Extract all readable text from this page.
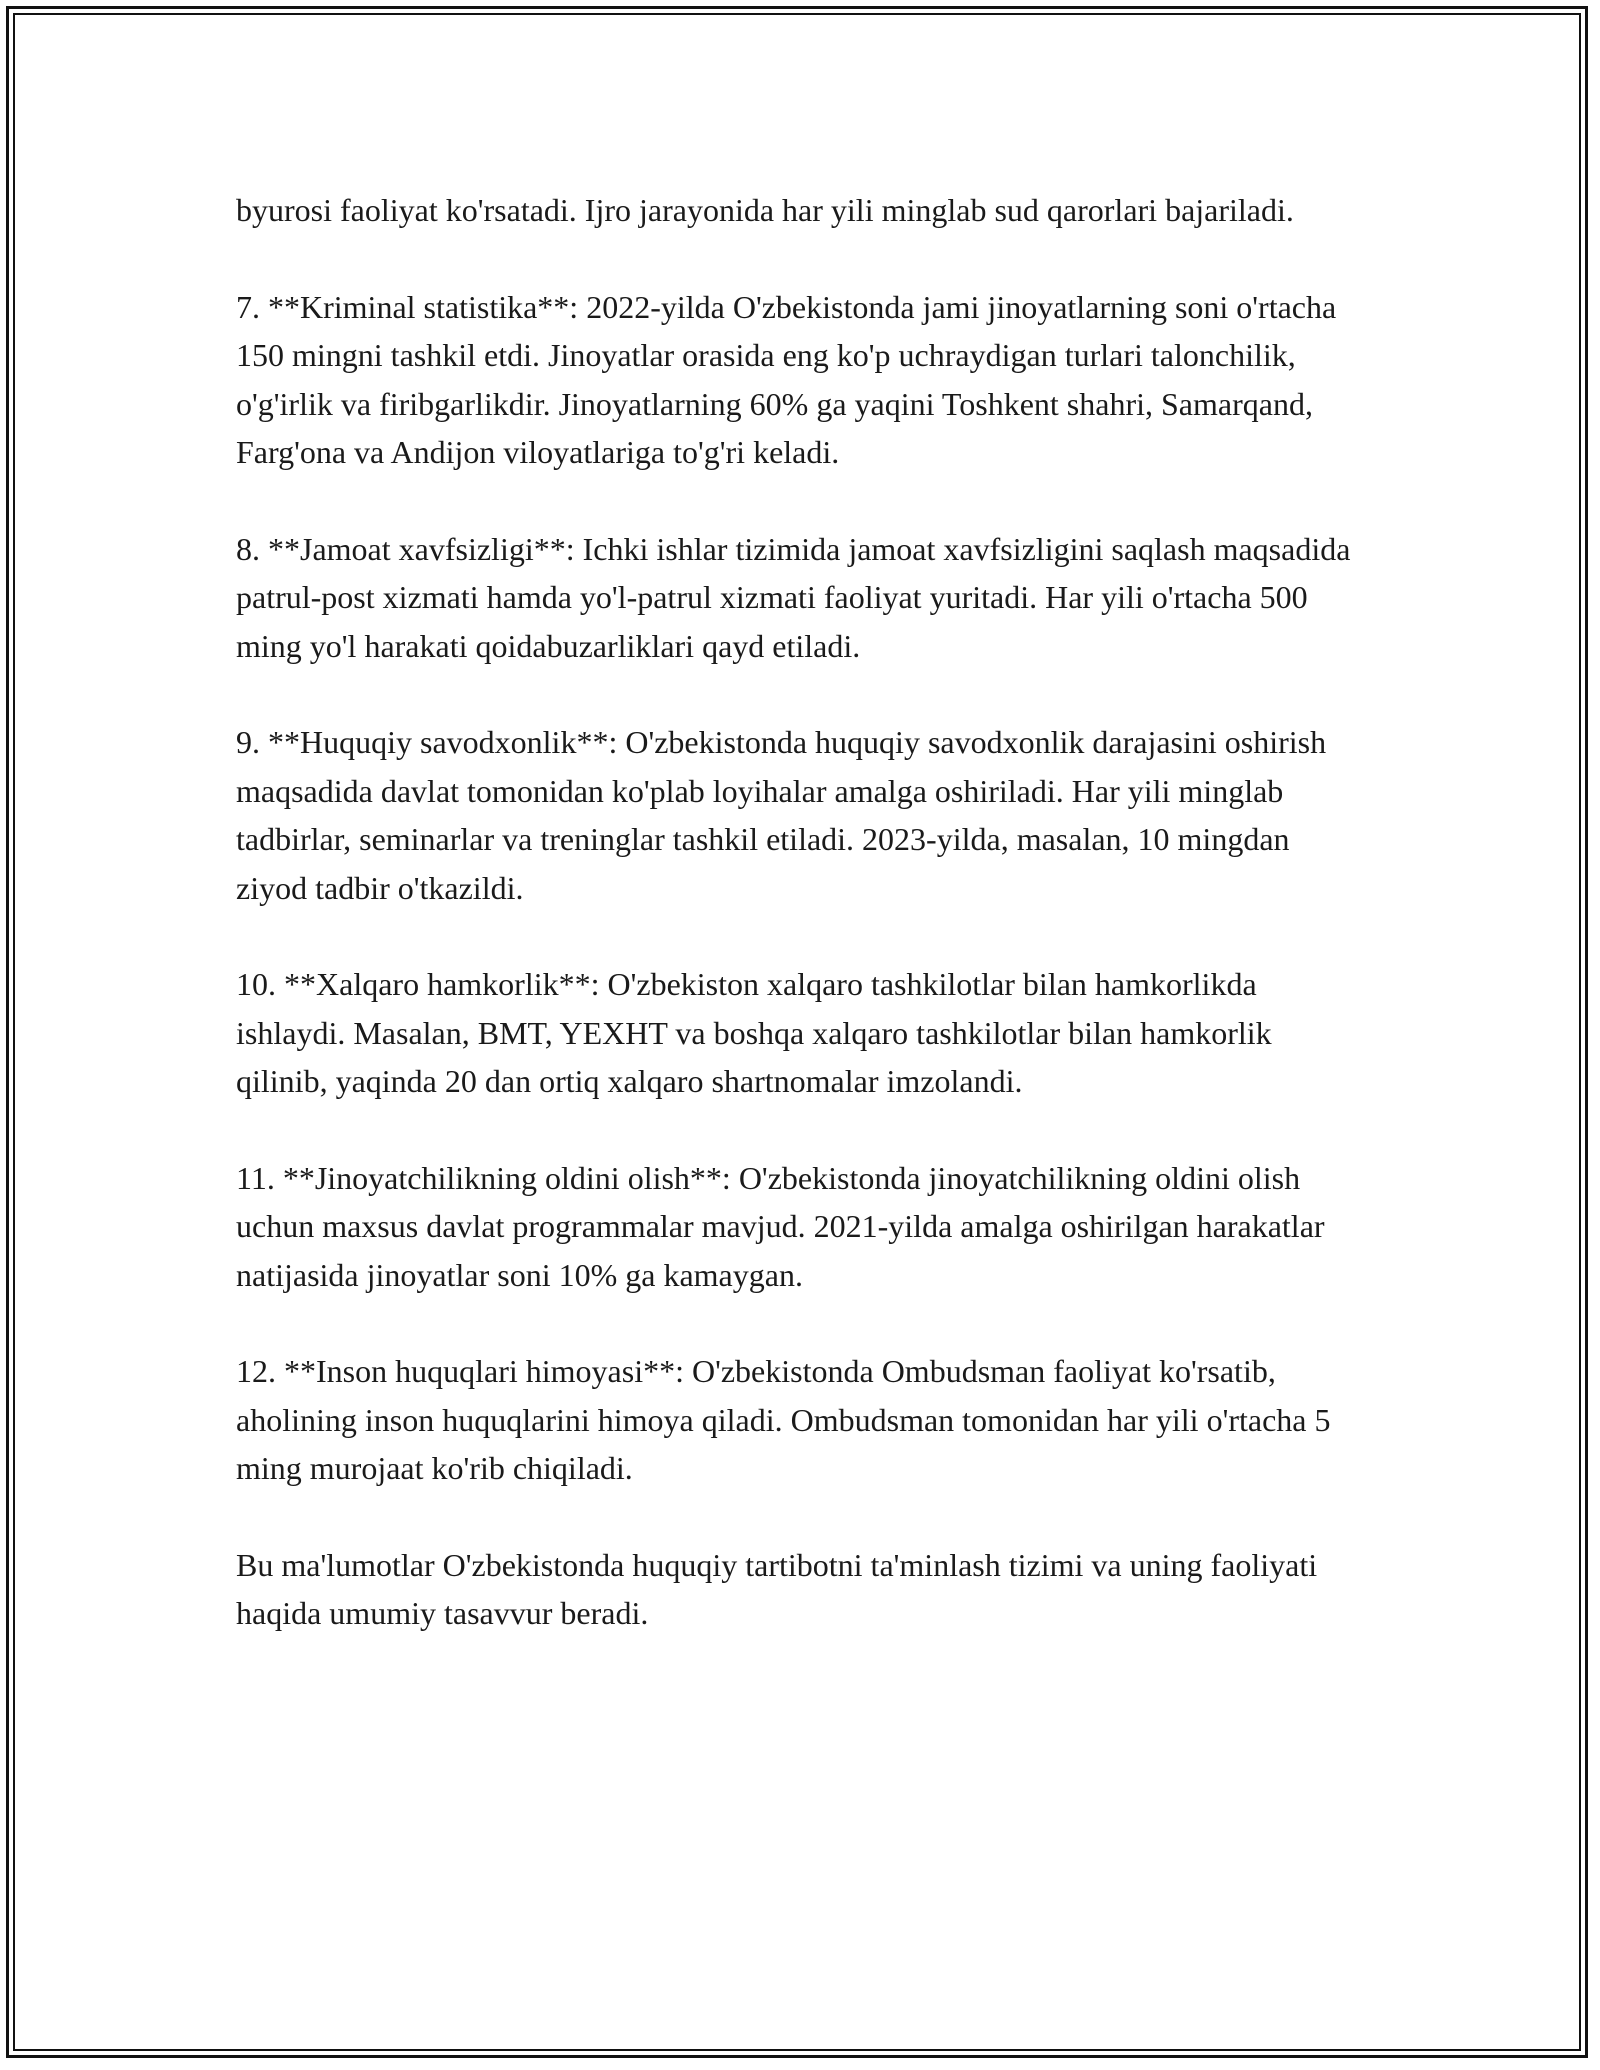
byurosi faoliyat ko'rsatadi. Ijro jarayonida har yili minglab sud qarorlari bajariladi.

7. **Kriminal statistika**: 2022-yilda O'zbekistonda jami jinoyatlarning soni o'rtacha 150 mingni tashkil etdi. Jinoyatlar orasida eng ko'p uchraydigan turlari talonchilik, o'g'irlik va firibgarlikdir. Jinoyatlarning 60% ga yaqini Toshkent shahri, Samarqand, Farg'ona va Andijon viloyatlariga to'g'ri keladi.

8. **Jamoat xavfsizligi**: Ichki ishlar tizimida jamoat xavfsizligini saqlash maqsadida patrul-post xizmati hamda yo'l-patrul xizmati faoliyat yuritadi. Har yili o'rtacha 500 ming yo'l harakati qoidabuzarliklari qayd etiladi.

9. **Huquqiy savodxonlik**: O'zbekistonda huquqiy savodxonlik darajasini oshirish maqsadida davlat tomonidan ko'plab loyihalar amalga oshiriladi. Har yili minglab tadbirlar, seminarlar va treninglar tashkil etiladi. 2023-yilda, masalan, 10 mingdan ziyod tadbir o'tkazildi.

10. **Xalqaro hamkorlik**: O'zbekiston xalqaro tashkilotlar bilan hamkorlikda ishlaydi. Masalan, BMT, YEXHT va boshqa xalqaro tashkilotlar bilan hamkorlik qilinib, yaqinda 20 dan ortiq xalqaro shartnomalar imzolandi.

11. **Jinoyatchilikning oldini olish**: O'zbekistonda jinoyatchilikning oldini olish uchun maxsus davlat programmalar mavjud. 2021-yilda amalga oshirilgan harakatlar natijasida jinoyatlar soni 10% ga kamaygan.

12. **Inson huquqlari himoyasi**: O'zbekistonda Ombudsman faoliyat ko'rsatib, aholining inson huquqlarini himoya qiladi. Ombudsman tomonidan har yili o'rtacha 5 ming murojaat ko'rib chiqiladi.

Bu ma'lumotlar O'zbekistonda huquqiy tartibotni ta'minlash tizimi va uning faoliyati haqida umumiy tasavvur beradi.
